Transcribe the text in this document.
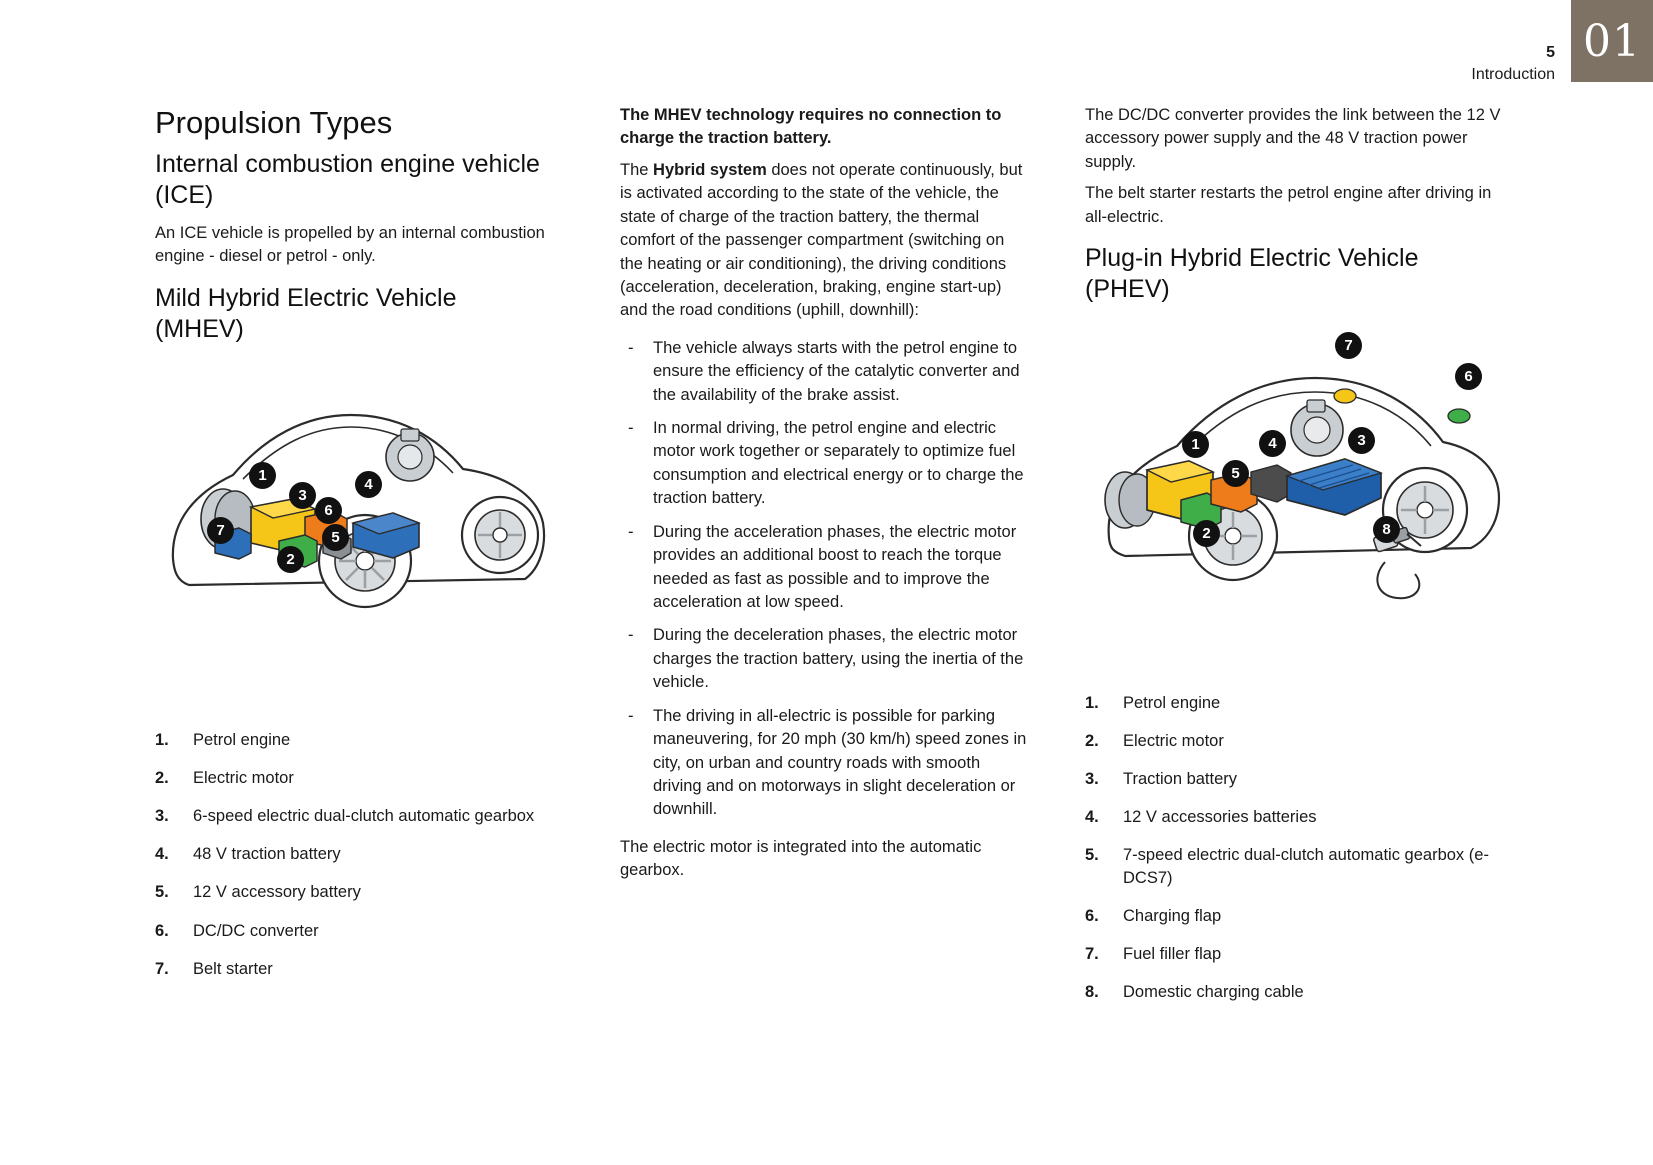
5
Introduction
01
Propulsion Types
Internal combustion engine vehicle (ICE)

An ICE vehicle is propelled by an internal combustion engine - diesel or petrol - only.

Mild Hybrid Electric Vehicle (MHEV)
1
2
3
4
5
6
7
1. Petrol engine
2. Electric motor
3. 6-speed electric dual-clutch automatic gearbox
4. 48 V traction battery
5. 12 V accessory battery
6. DC/DC converter
7. Belt starter

The MHEV technology requires no connection to charge the traction battery.

The Hybrid system does not operate continuously, but is activated according to the state of the vehicle, the state of charge of the traction battery, the thermal comfort of the passenger compartment (switching on the heating or air conditioning), the driving conditions (acceleration, deceleration, braking, engine start-up) and the road conditions (uphill, downhill):

- The vehicle always starts with the petrol engine to ensure the efficiency of the catalytic converter and the availability of the brake assist.
- In normal driving, the petrol engine and electric motor work together or separately to optimize fuel consumption and electrical energy or to charge the traction battery.
- During the acceleration phases, the electric motor provides an additional boost to reach the torque needed as fast as possible and to improve the acceleration at low speed.
- During the deceleration phases, the electric motor charges the traction battery, using the inertia of the vehicle.
- The driving in all-electric is possible for parking maneuvering, for 20 mph (30 km/h) speed zones in city, on urban and country roads with smooth driving and on motorways in slight deceleration or downhill.

The electric motor is integrated into the automatic gearbox.

The DC/DC converter provides the link between the 12 V accessory power supply and the 48 V traction power supply.

The belt starter restarts the petrol engine after driving in all-electric.

Plug-in Hybrid Electric Vehicle (PHEV)
1
2
3
4
5
6
7
8
1. Petrol engine
2. Electric motor
3. Traction battery
4. 12 V accessories batteries
5. 7-speed electric dual-clutch automatic gearbox (e-DCS7)
6. Charging flap
7. Fuel filler flap
8. Domestic charging cable
